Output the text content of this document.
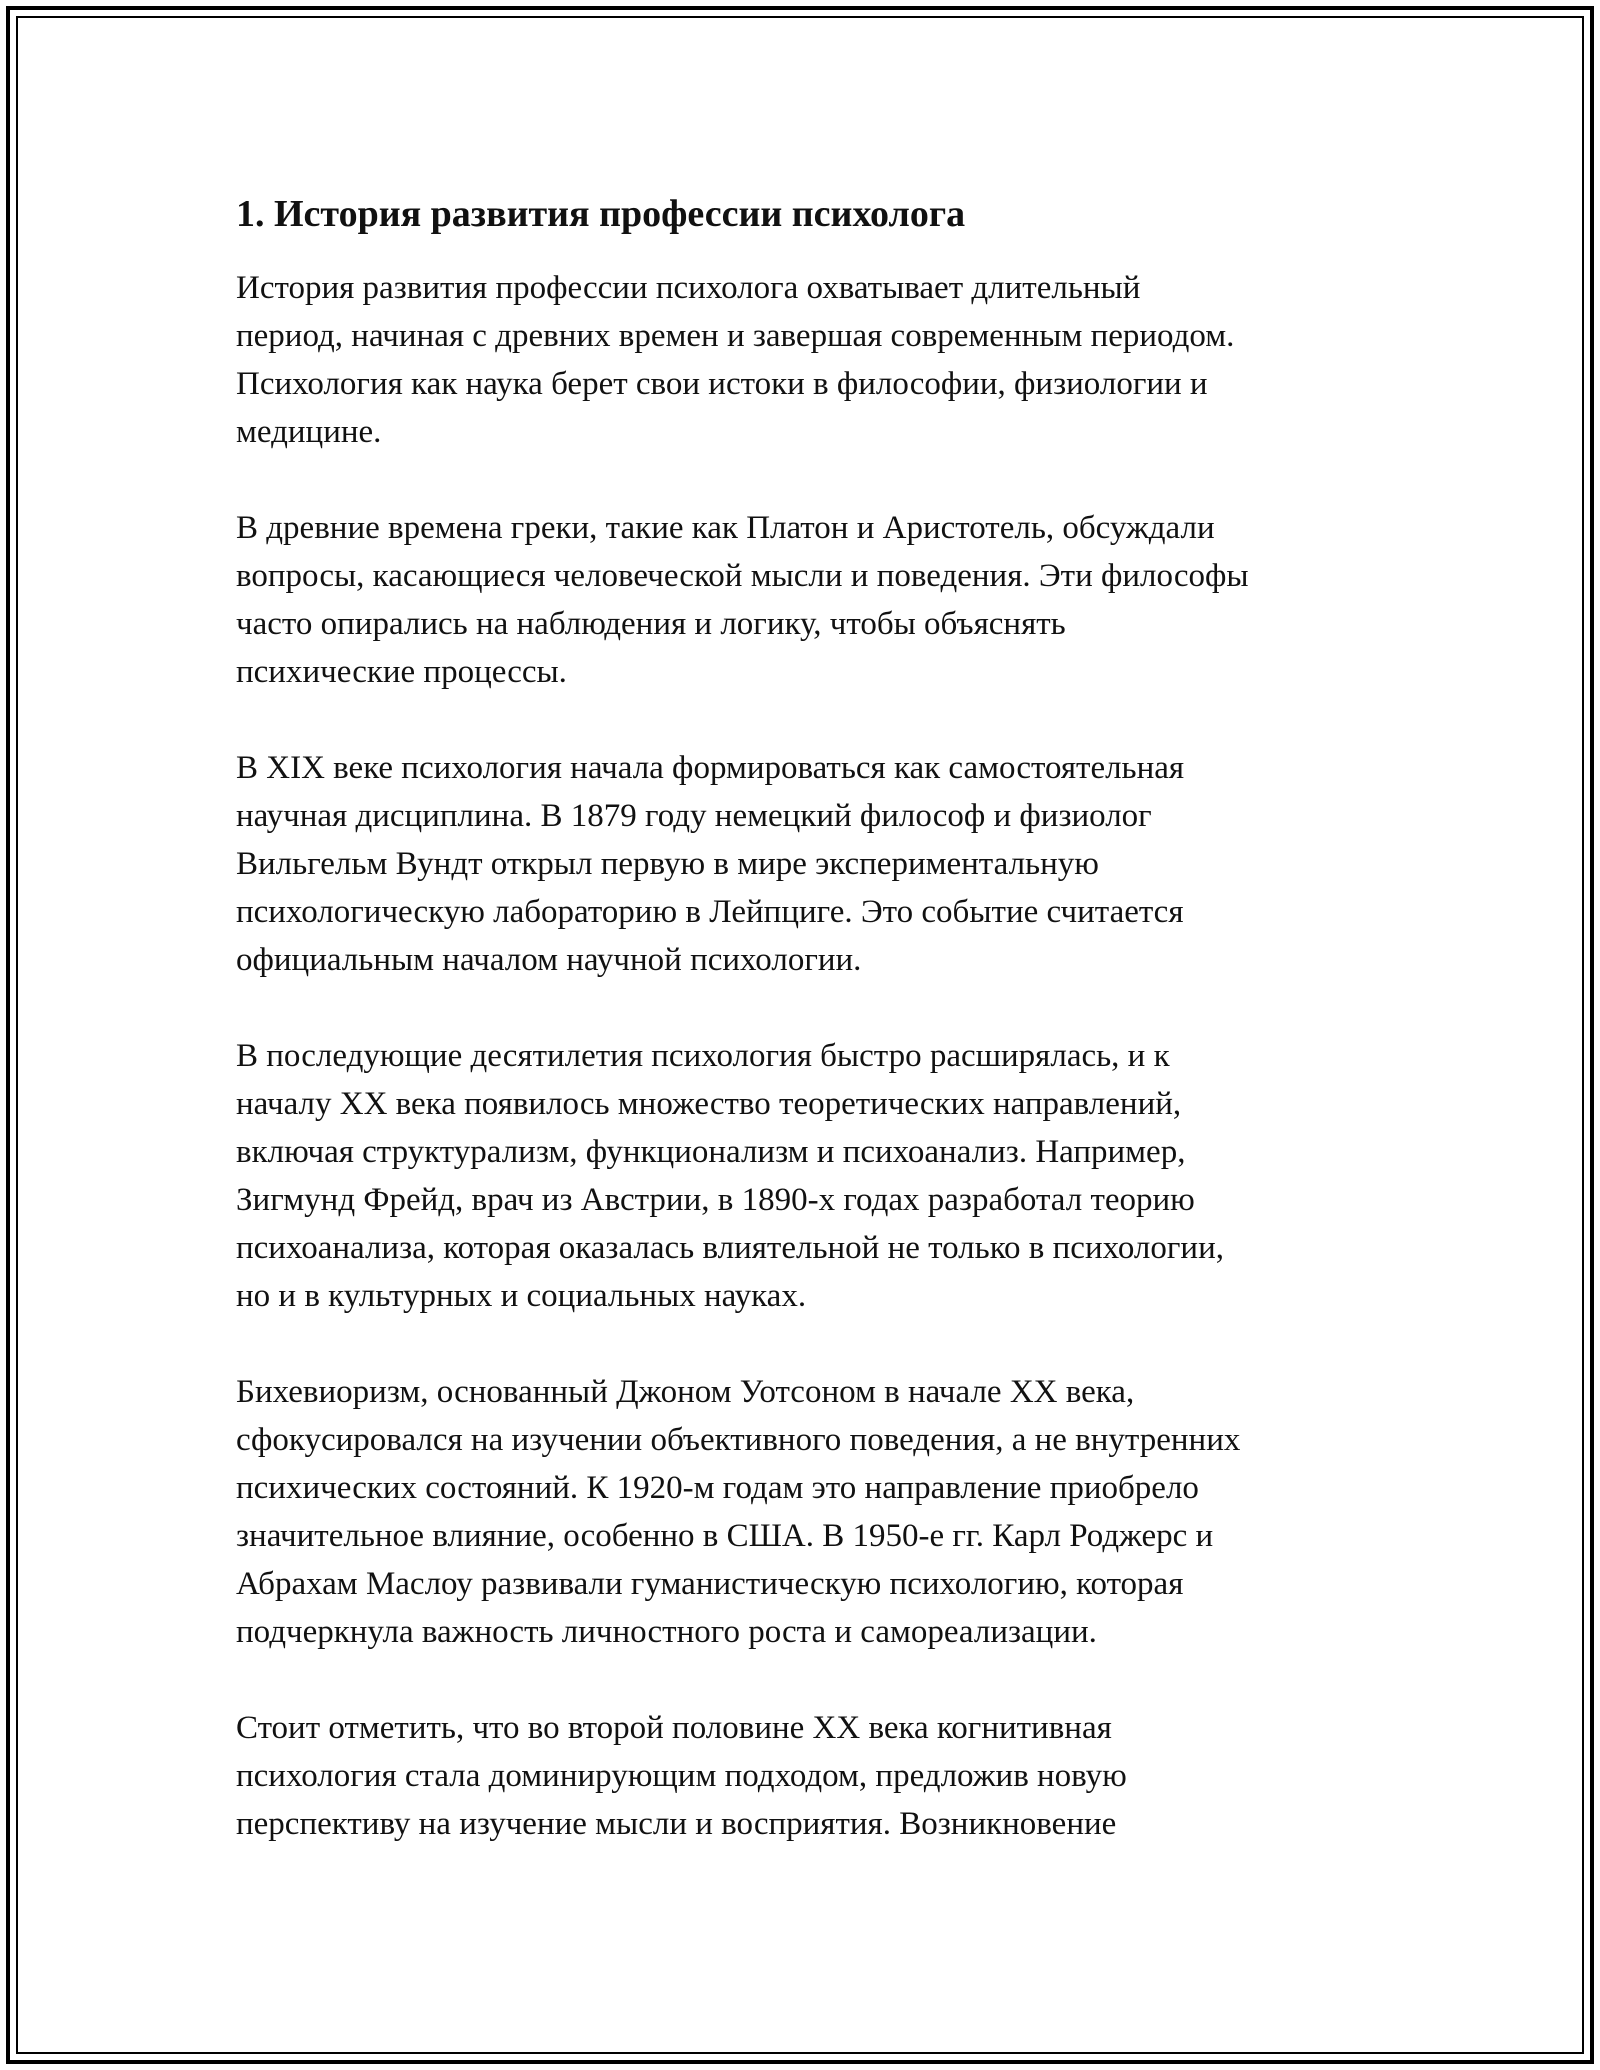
1. История развития профессии психолога

История развития профессии психолога охватывает длительный
период, начиная с древних времен и завершая современным периодом.
Психология как наука берет свои истоки в философии, физиологии и
медицине.

В древние времена греки, такие как Платон и Аристотель, обсуждали
вопросы, касающиеся человеческой мысли и поведения. Эти философы
часто опирались на наблюдения и логику, чтобы объяснять
психические процессы.

В XIX веке психология начала формироваться как самостоятельная
научная дисциплина. В 1879 году немецкий философ и физиолог
Вильгельм Вундт открыл первую в мире экспериментальную
психологическую лабораторию в Лейпциге. Это событие считается
официальным началом научной психологии.

В последующие десятилетия психология быстро расширялась, и к
началу XX века появилось множество теоретических направлений,
включая структурализм, функционализм и психоанализ. Например,
Зигмунд Фрейд, врач из Австрии, в 1890-х годах разработал теорию
психоанализа, которая оказалась влиятельной не только в психологии,
но и в культурных и социальных науках.

Бихевиоризм, основанный Джоном Уотсоном в начале XX века,
сфокусировался на изучении объективного поведения, а не внутренних
психических состояний. К 1920-м годам это направление приобрело
значительное влияние, особенно в США. В 1950-е гг. Карл Роджерс и
Абрахам Маслоу развивали гуманистическую психологию, которая
подчеркнула важность личностного роста и самореализации.

Стоит отметить, что во второй половине XX века когнитивная
психология стала доминирующим подходом, предложив новую
перспективу на изучение мысли и восприятия. Возникновение
